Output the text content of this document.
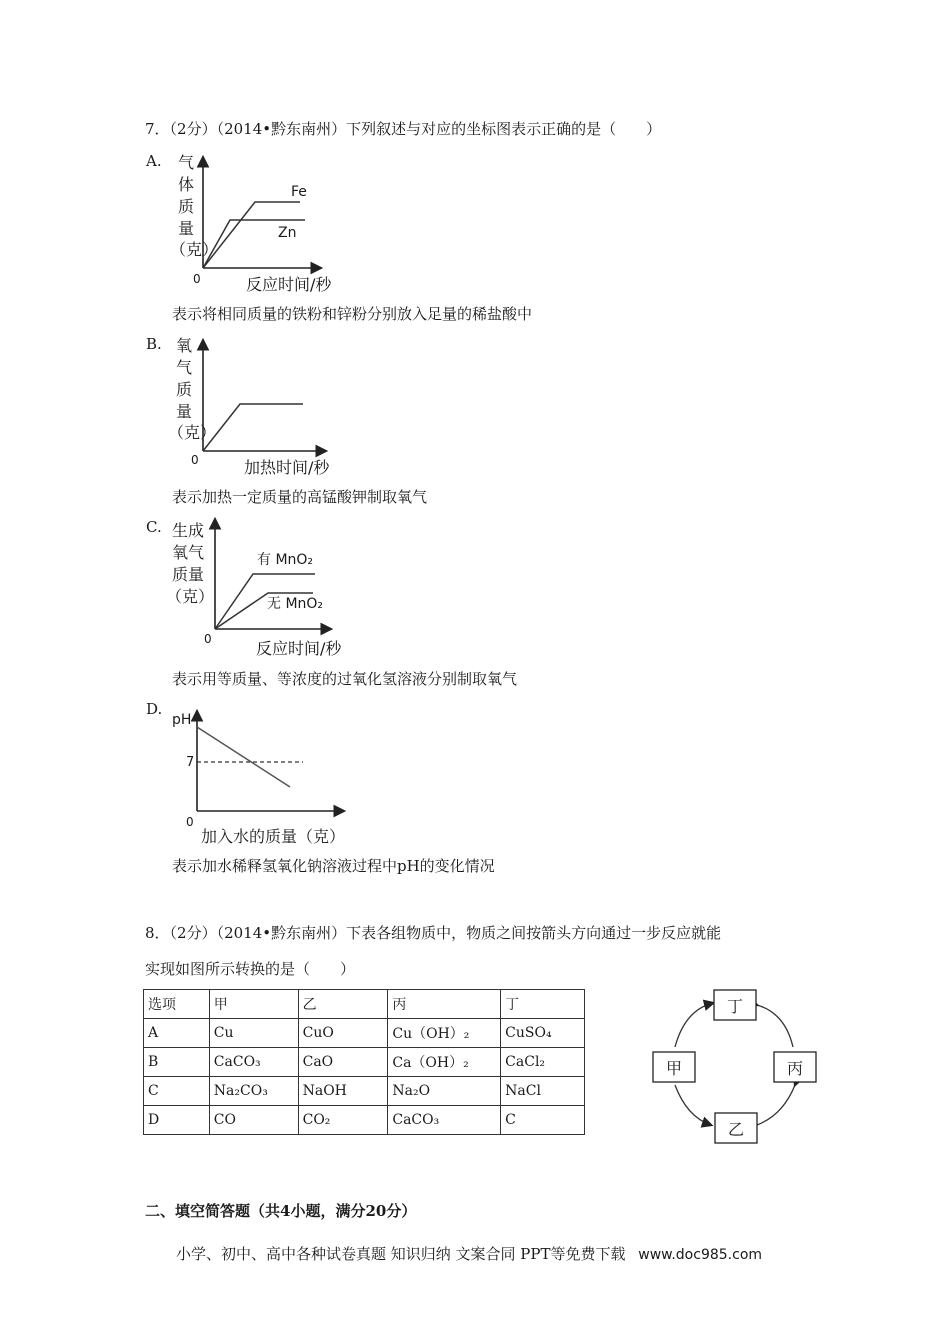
7．（2分）（2014•黔东南州）下列叙述与对应的坐标图表示正确的是（　　）
A. 气
体
质
量
（克）
0	反应时间/秒
Fe
Zn
表示将相同质量的铁粉和锌粉分别放入足量的稀盐酸中
B. 氧
气
质
量
（克）
0	加热时间/秒
表示加热一定质量的高锰酸钾制取氧气
C. 生成
氧气
质量
（克）
0	反应时间/秒
有 MnO₂
无 MnO₂
表示用等质量、等浓度的过氧化氢溶液分别制取氧气
D.
pH
7
0
加入水的质量（克）
表示加水稀释氢氧化钠溶液过程中pH的变化情况
8．（2分）（2014•黔东南州）下表各组物质中，物质之间按箭头方向通过一步反应就能
实现如图所示转换的是（　　）
选项	甲	乙	丙	丁
A	Cu	CuO	Cu（OH）₂	CuSO₄
B	CaCO₃	CaO	Ca（OH）₂	CaCl₂
C	Na₂CO₃	NaOH	Na₂O	NaCl
D	CO	CO₂	CaCO₃	C
丁
甲	丙
乙
二、填空简答题（共4小题，满分20分）
小学、初中、高中各种试卷真题 知识归纳 文案合同 PPT等免费下载 www.doc985.com
